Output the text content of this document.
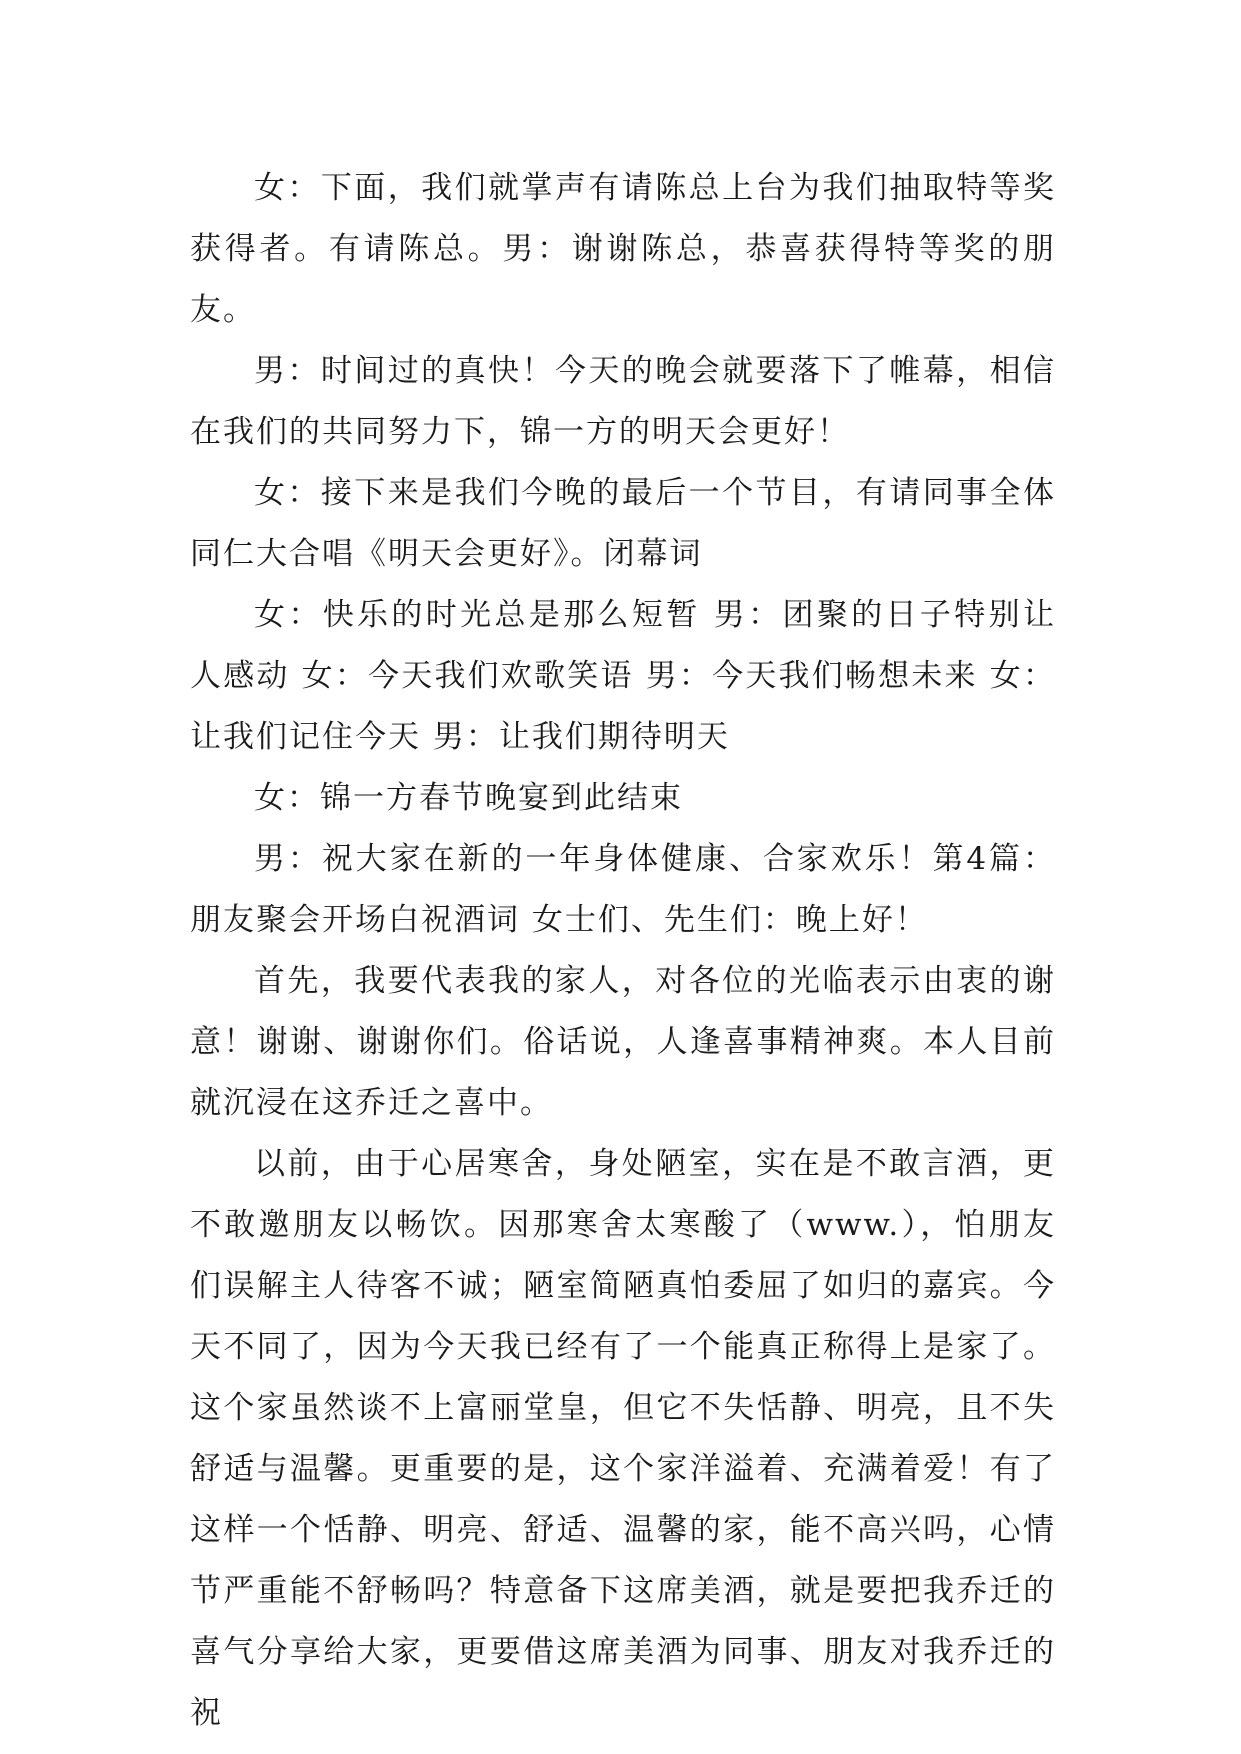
女：下面，我们就掌声有请陈总上台为我们抽取特等奖获得者。有请陈总。男：谢谢陈总，恭喜获得特等奖的朋友。

男：时间过的真快！今天的晚会就要落下了帷幕，相信在我们的共同努力下，锦一方的明天会更好！

女：接下来是我们今晚的最后一个节目，有请同事全体同仁大合唱《明天会更好》。闭幕词

女：快乐的时光总是那么短暂 男：团聚的日子特别让人感动 女：今天我们欢歌笑语 男：今天我们畅想未来 女：让我们记住今天 男：让我们期待明天

女：锦一方春节晚宴到此结束

男：祝大家在新的一年身体健康、合家欢乐！第4篇：朋友聚会开场白祝酒词 女士们、先生们：晚上好！

首先，我要代表我的家人，对各位的光临表示由衷的谢意！谢谢、谢谢你们。俗话说，人逢喜事精神爽。本人目前就沉浸在这乔迁之喜中。

以前，由于心居寒舍，身处陋室，实在是不敢言酒，更不敢邀朋友以畅饮。因那寒舍太寒酸了（www.），怕朋友们误解主人待客不诚；陋室简陋真怕委屈了如归的嘉宾。今天不同了，因为今天我已经有了一个能真正称得上是家了。这个家虽然谈不上富丽堂皇，但它不失恬静、明亮，且不失舒适与温馨。更重要的是，这个家洋溢着、充满着爱！有了这样一个恬静、明亮、舒适、温馨的家，能不高兴吗，心情节严重能不舒畅吗？特意备下这席美酒，就是要把我乔迁的喜气分享给大家，更要借这席美酒为同事、朋友对我乔迁的祝
